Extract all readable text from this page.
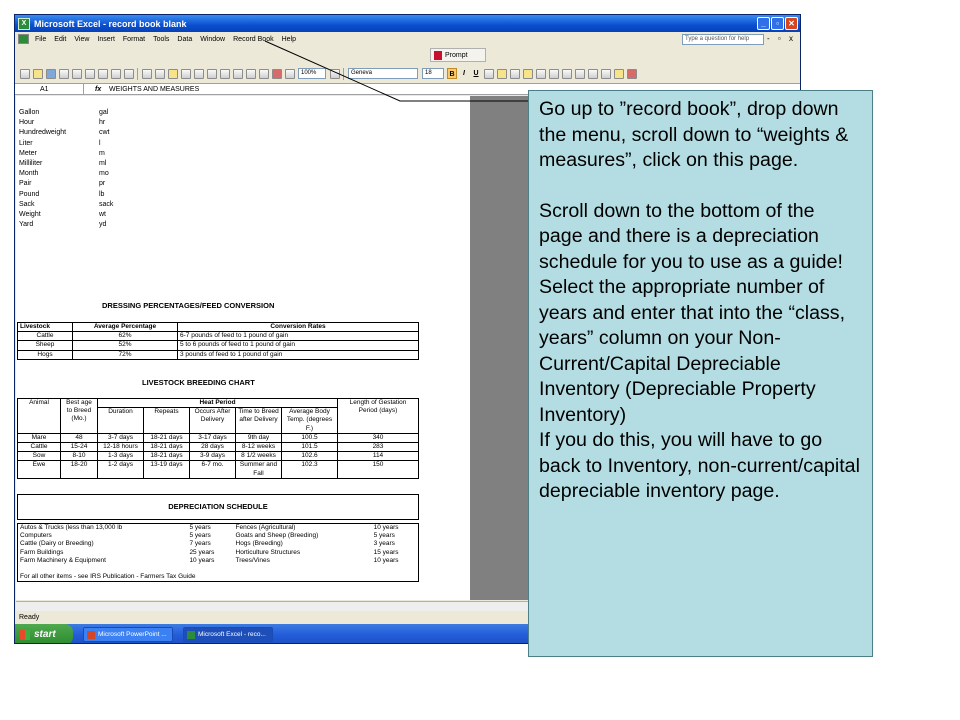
X Microsoft Excel - record book blank	_	▫	✕
File	Edit	View	Insert	Format	Tools	Data	Window	Record Book	Help	Type a question for help	- ▫ x
Prompt
100%	Geneva	18	B	I	U
A1	fx WEIGHTS AND MEASURES
Gallon	gal
Hour	hr
Hundredweight	cwt
Liter	l
Meter	m
Milliliter	ml
Month	mo
Pair	pr
Pound	lb
Sack	sack
Weight	wt
Yard	yd
DRESSING PERCENTAGES/FEED CONVERSION
Livestock	Average Percentage	Conversion Rates
Cattle	62%	6-7 pounds of feed to 1 pound of gain
Sheep	52%	5 to 6 pounds of feed to 1 pound of gain
Hogs	72%	3 pounds of feed to 1 pound of gain
LIVESTOCK BREEDING CHART
Animal	Best age to Breed (Mo.)	Heat Period					Length of Gestation Period (days)
		Duration	Repeats	Occurs After Delivery	Time to Breed after Delivery	Average Body Temp. (degrees F.)	
Mare	48	3-7 days	18-21 days	3-17 days	9th day	100.5	340
Cattle	15-24	12-18 hours	18-21 days	28 days	8-12 weeks	101.5	283
Sow	8-10	1-3 days	18-21 days	3-9 days	8 1/2 weeks	102.6	114
Ewe	18-20	1-2 days	13-19 days	6-7 mo.	Summer and Fall	102.3	150
DEPRECIATION SCHEDULE
Autos & Trucks (less than 13,000 lb	5 years	Fences (Agricultural)	10 years
Computers	5 years	Goats and Sheep (Breeding)	5 years
Cattle (Dairy or Breeding)	7 years	Hogs (Breeding)	3 years
Farm Buildings	25 years	Horticulture Structures	15 years
Farm Machinery & Equipment	10 years	Trees/Vines	10 years

For all other items - see IRS Publication - Farmers Tax Guide			
Ready
start	Microsoft PowerPoint ...	Microsoft Excel - reco...

Go up to ”record book”, drop down the menu, scroll down to “weights & measures”, click on this page.

Scroll down to the bottom of the page and there is a depreciation schedule for you to use as a guide! Select the appropriate number of years and enter that into the “class, years” column on your Non-Current/Capital Depreciable Inventory (Depreciable Property Inventory)

If you do this, you will have to go back to Inventory, non-current/capital depreciable inventory page.
